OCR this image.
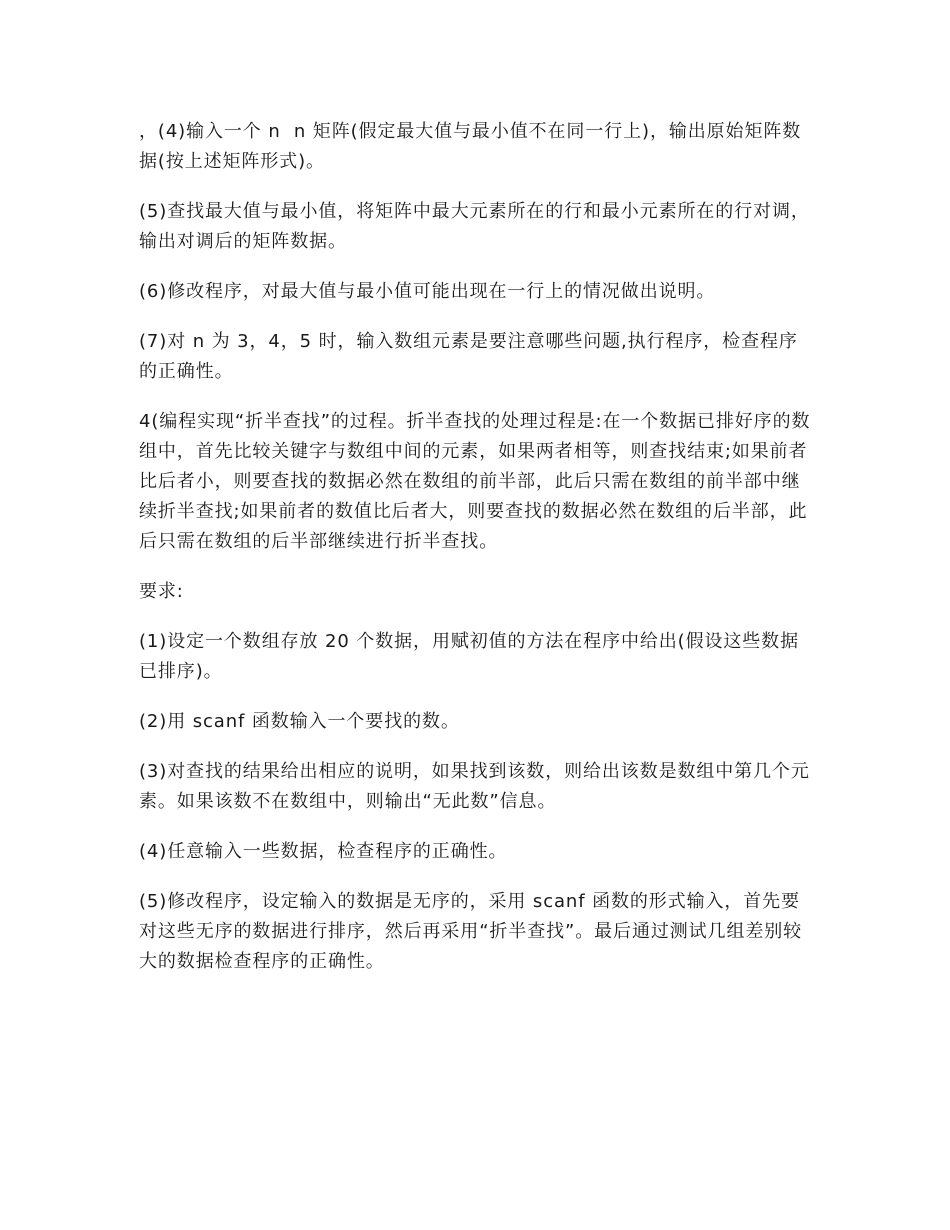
，(4)输入一个 n  n 矩阵(假定最大值与最小值不在同一行上)，输出原始矩阵数据(按上述矩阵形式)。

(5)查找最大值与最小值，将矩阵中最大元素所在的行和最小元素所在的行对调，输出对调后的矩阵数据。

(6)修改程序，对最大值与最小值可能出现在一行上的情况做出说明。

(7)对 n 为 3，4，5 时，输入数组元素是要注意哪些问题,执行程序，检查程序的正确性。

4(编程实现“折半查找”的过程。折半查找的处理过程是:在一个数据已排好序的数组中，首先比较关键字与数组中间的元素，如果两者相等，则查找结束;如果前者比后者小，则要查找的数据必然在数组的前半部，此后只需在数组的前半部中继续折半查找;如果前者的数值比后者大，则要查找的数据必然在数组的后半部，此后只需在数组的后半部继续进行折半查找。

要求:

(1)设定一个数组存放 20 个数据，用赋初值的方法在程序中给出(假设这些数据已排序)。

(2)用 scanf 函数输入一个要找的数。

(3)对查找的结果给出相应的说明，如果找到该数，则给出该数是数组中第几个元素。如果该数不在数组中，则输出“无此数”信息。

(4)任意输入一些数据，检查程序的正确性。

(5)修改程序，设定输入的数据是无序的，采用 scanf 函数的形式输入，首先要对这些无序的数据进行排序，然后再采用“折半查找”。最后通过测试几组差别较大的数据检查程序的正确性。
